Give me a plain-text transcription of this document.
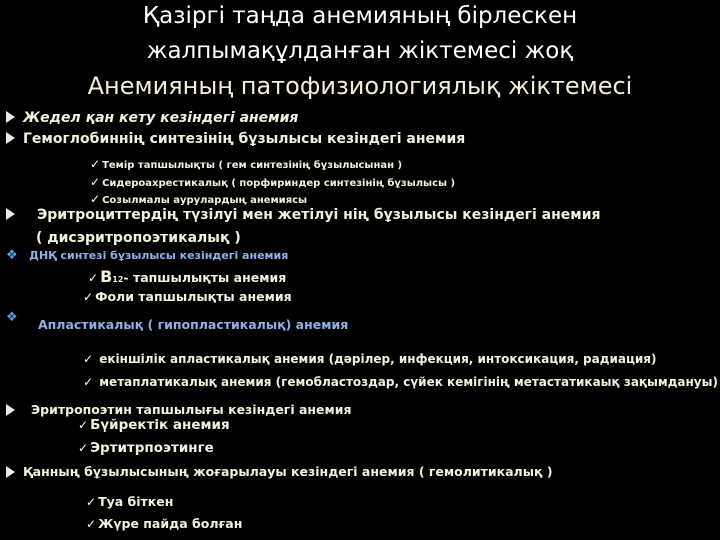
Қазіргі таңда анемияның бірлескен
жалпымақұлданған жіктемесі жоқ
Анемияның патофизиологиялық жіктемесі
Жедел қан кету кезіндегі анемия
Гемоглобиннің синтезінің бұзылысы кезіндегі анемия
✓ Темір тапшылықты ( гем синтезінің бұзылысынан )
✓ Сидероахрестикалық ( порфириндер синтезінің бұзылысы )
✓ Созылмалы аурулардың анемиясы
Эритроциттердің түзілуі мен жетілуі нің бұзылысы кезіндегі анемия
( дисэритропоэтикалық )
❖ ДНҚ синтезі бұзылысы кезіндегі анемия
✓ В12- тапшылықты анемия
✓ Фоли тапшылықты анемия
❖ Апластикалық ( гипопластикалық) анемия
✓ екіншілік апластикалық анемия (дәрілер, инфекция, интоксикация, радиация)
✓ метаплатикалық анемия (гемобластоздар, сүйек кемігінің метастатикаық зақымдануы)
Эритропоэтин тапшылығы кезіндегі анемия
✓ Бүйректік анемия
✓ Эртитрпоэтинге
Қанның бұзылысының жоғарылауы кезіндегі анемия ( гемолитикалық )
✓ Туа біткен
✓ Жүре пайда болған
